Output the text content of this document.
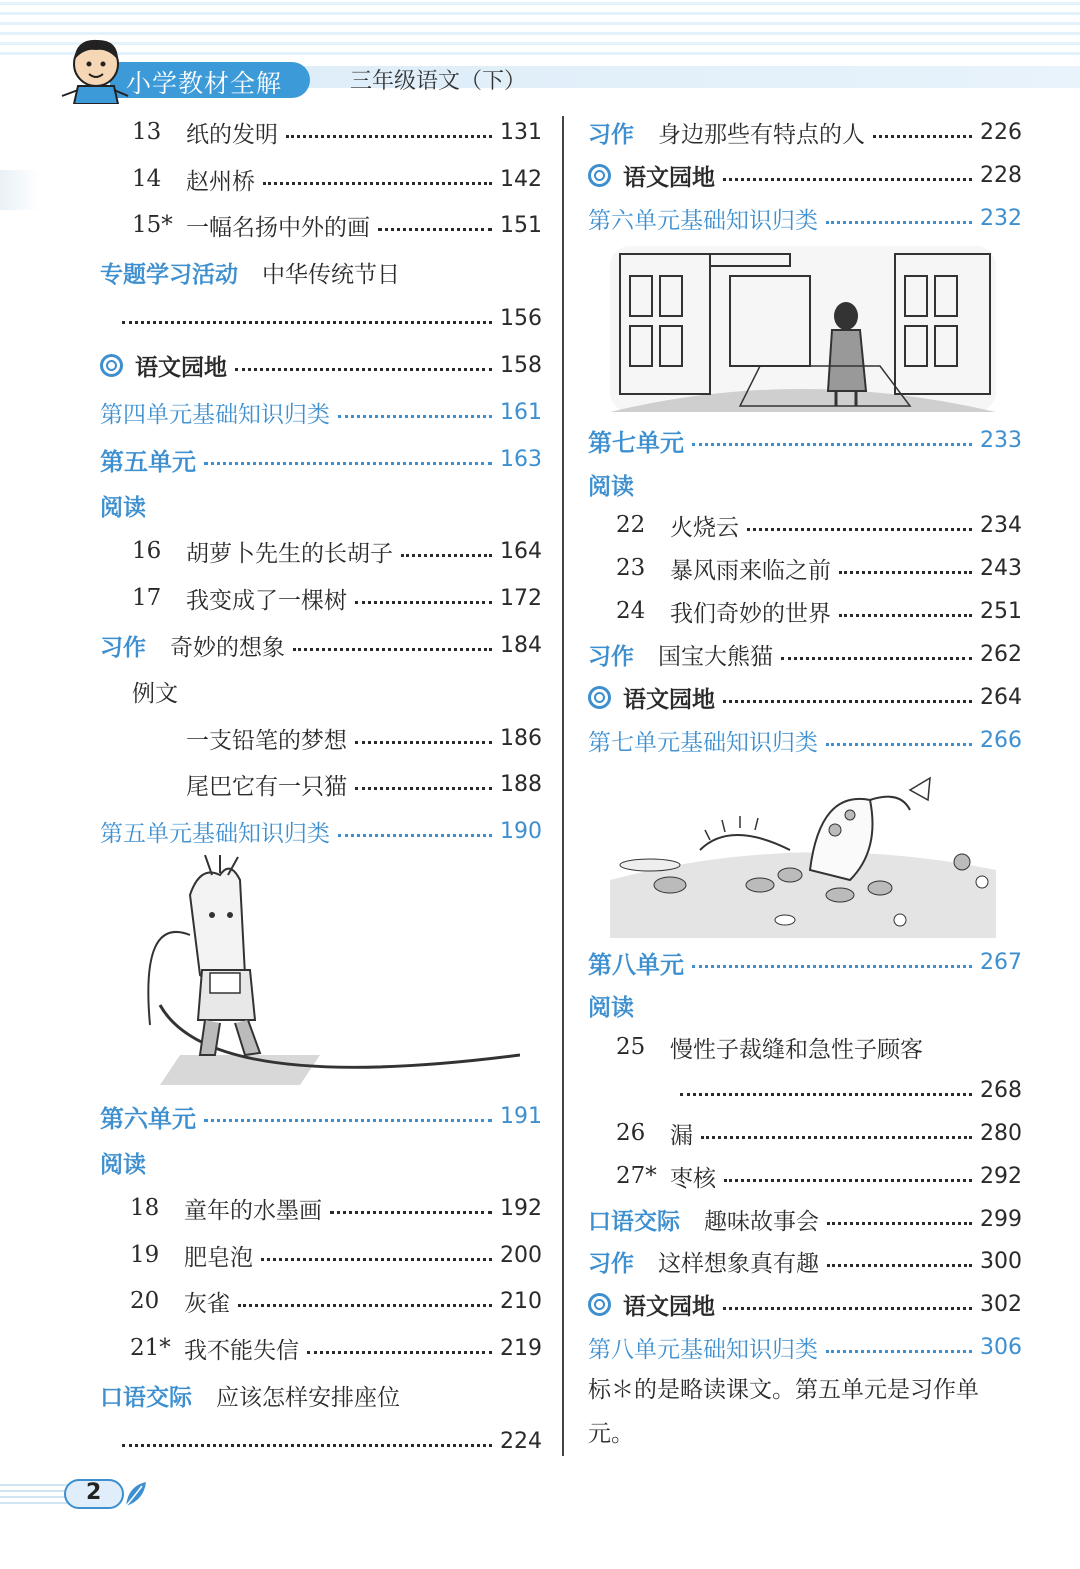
小学教材全解	三年级语文（下）
13 纸的发明	131
14 赵州桥	142
15* 一幅名扬中外的画	151
专题学习活动 中华传统节日
156
语文园地	158
第四单元基础知识归类	161
第五单元	163
阅读
16 胡萝卜先生的长胡子	164
17 我变成了一棵树	172
习作 奇妙的想象	184
例文
一支铅笔的梦想	186
尾巴它有一只猫	188
第五单元基础知识归类	190
第六单元	191
阅读
18 童年的水墨画	192
19 肥皂泡	200
20 灰雀	210
21* 我不能失信	219
口语交际 应该怎样安排座位
224
习作 身边那些有特点的人	226
语文园地	228
第六单元基础知识归类	232
第七单元	233
阅读
22 火烧云	234
23 暴风雨来临之前	243
24 我们奇妙的世界	251
习作 国宝大熊猫	262
语文园地	264
第七单元基础知识归类	266
第八单元	267
阅读
25 慢性子裁缝和急性子顾客
268
26 漏	280
27* 枣核	292
口语交际 趣味故事会	299
习作 这样想象真有趣	300
语文园地	302
第八单元基础知识归类	306
标＊的是略读课文。第五单元是习作单元。
2
